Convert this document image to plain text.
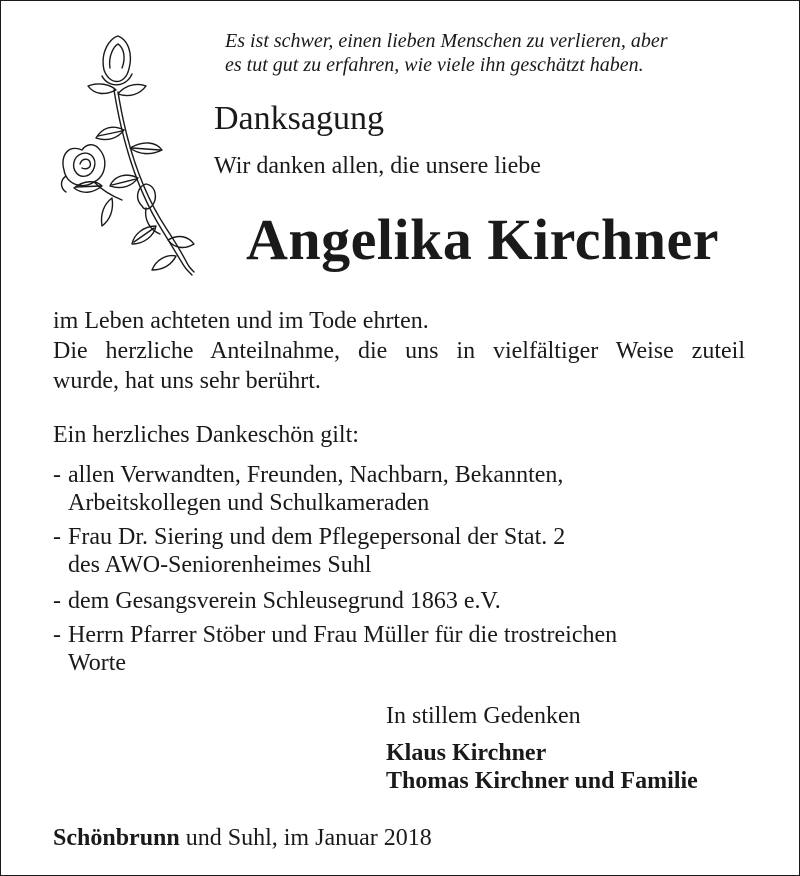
Es ist schwer, einen lieben Menschen zu verlieren, aber
es tut gut zu erfahren, wie viele ihn geschätzt haben.
Danksagung
Wir danken allen, die unsere liebe
Angelika Kirchner
im Leben achteten und im Tode ehrten.
Die herzliche Anteilnahme, die uns in vielfältiger Weise zuteil
wurde, hat uns sehr berührt.
Ein herzliches Dankeschön gilt:
- allen Verwandten, Freunden, Nachbarn, Bekannten,
Arbeitskollegen und Schulkameraden
- Frau Dr. Siering und dem Pflegepersonal der Stat. 2
des AWO-Seniorenheimes Suhl
- dem Gesangsverein Schleusegrund 1863 e.V.
- Herrn Pfarrer Stöber und Frau Müller für die trostreichen
Worte
In stillem Gedenken
Klaus Kirchner
Thomas Kirchner und Familie
Schönbrunn und Suhl, im Januar 2018
